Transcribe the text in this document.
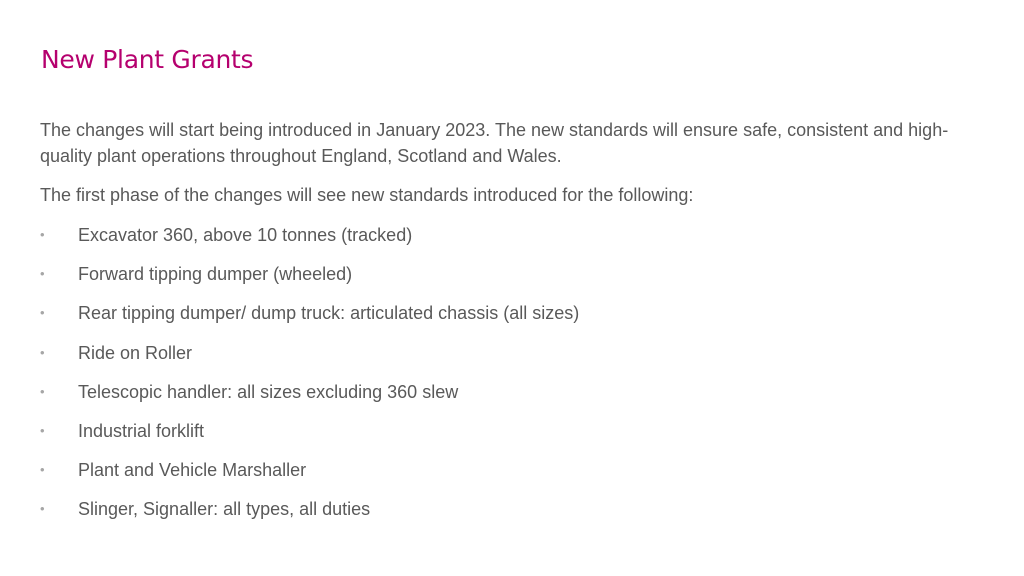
New Plant Grants

The changes will start being introduced in January 2023. The new standards will ensure safe, consistent and high-quality plant operations throughout England, Scotland and Wales.

The first phase of the changes will see new standards introduced for the following:

• Excavator 360, above 10 tonnes (tracked)
• Forward tipping dumper (wheeled)
• Rear tipping dumper/ dump truck: articulated chassis (all sizes)
• Ride on Roller
• Telescopic handler: all sizes excluding 360 slew
• Industrial forklift
• Plant and Vehicle Marshaller
• Slinger, Signaller: all types, all duties
